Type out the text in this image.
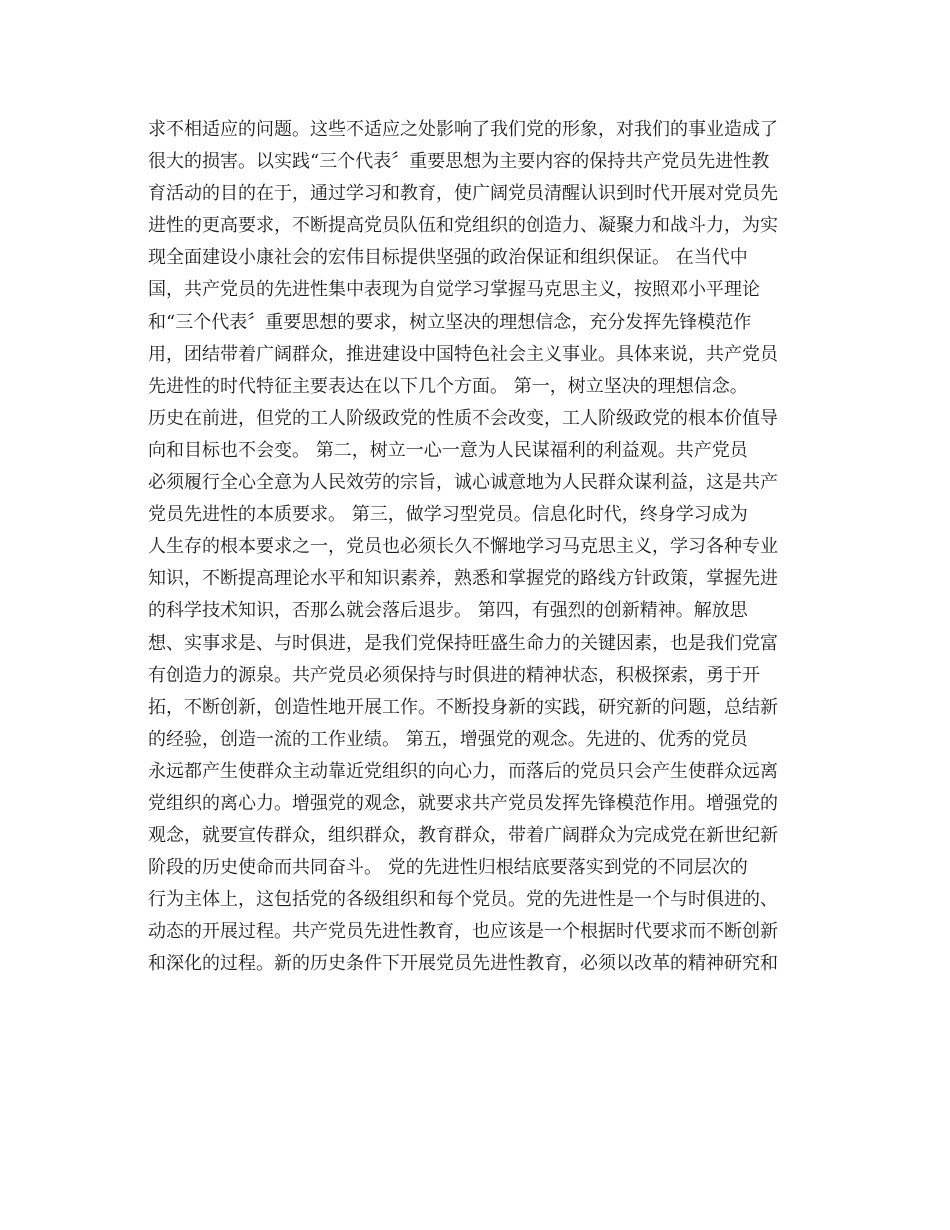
求不相适应的问题。这些不适应之处影响了我们党的形象，对我们的事业造成了
很大的损害。以实践“三个代表〞重要思想为主要内容的保持共产党员先进性教
育活动的目的在于，通过学习和教育，使广阔党员清醒认识到时代开展对党员先
进性的更高要求，不断提高党员队伍和党组织的创造力、凝聚力和战斗力，为实
现全面建设小康社会的宏伟目标提供坚强的政治保证和组织保证。 在当代中
国，共产党员的先进性集中表现为自觉学习掌握马克思主义，按照邓小平理论
和“三个代表〞重要思想的要求，树立坚决的理想信念，充分发挥先锋模范作
用，团结带着广阔群众，推进建设中国特色社会主义事业。具体来说，共产党员
先进性的时代特征主要表达在以下几个方面。 第一，树立坚决的理想信念。
历史在前进，但党的工人阶级政党的性质不会改变，工人阶级政党的根本价值导
向和目标也不会变。 第二，树立一心一意为人民谋福利的利益观。共产党员
必须履行全心全意为人民效劳的宗旨，诚心诚意地为人民群众谋利益，这是共产
党员先进性的本质要求。 第三，做学习型党员。信息化时代，终身学习成为
人生存的根本要求之一，党员也必须长久不懈地学习马克思主义，学习各种专业
知识，不断提高理论水平和知识素养，熟悉和掌握党的路线方针政策，掌握先进
的科学技术知识，否那么就会落后退步。 第四，有强烈的创新精神。解放思
想、实事求是、与时俱进，是我们党保持旺盛生命力的关键因素，也是我们党富
有创造力的源泉。共产党员必须保持与时俱进的精神状态，积极探索，勇于开
拓，不断创新，创造性地开展工作。不断投身新的实践，研究新的问题，总结新
的经验，创造一流的工作业绩。 第五，增强党的观念。先进的、优秀的党员
永远都产生使群众主动靠近党组织的向心力，而落后的党员只会产生使群众远离
党组织的离心力。增强党的观念，就要求共产党员发挥先锋模范作用。增强党的
观念，就要宣传群众，组织群众，教育群众，带着广阔群众为完成党在新世纪新
阶段的历史使命而共同奋斗。 党的先进性归根结底要落实到党的不同层次的
行为主体上，这包括党的各级组织和每个党员。党的先进性是一个与时俱进的、
动态的开展过程。共产党员先进性教育，也应该是一个根据时代要求而不断创新
和深化的过程。新的历史条件下开展党员先进性教育，必须以改革的精神研究和
